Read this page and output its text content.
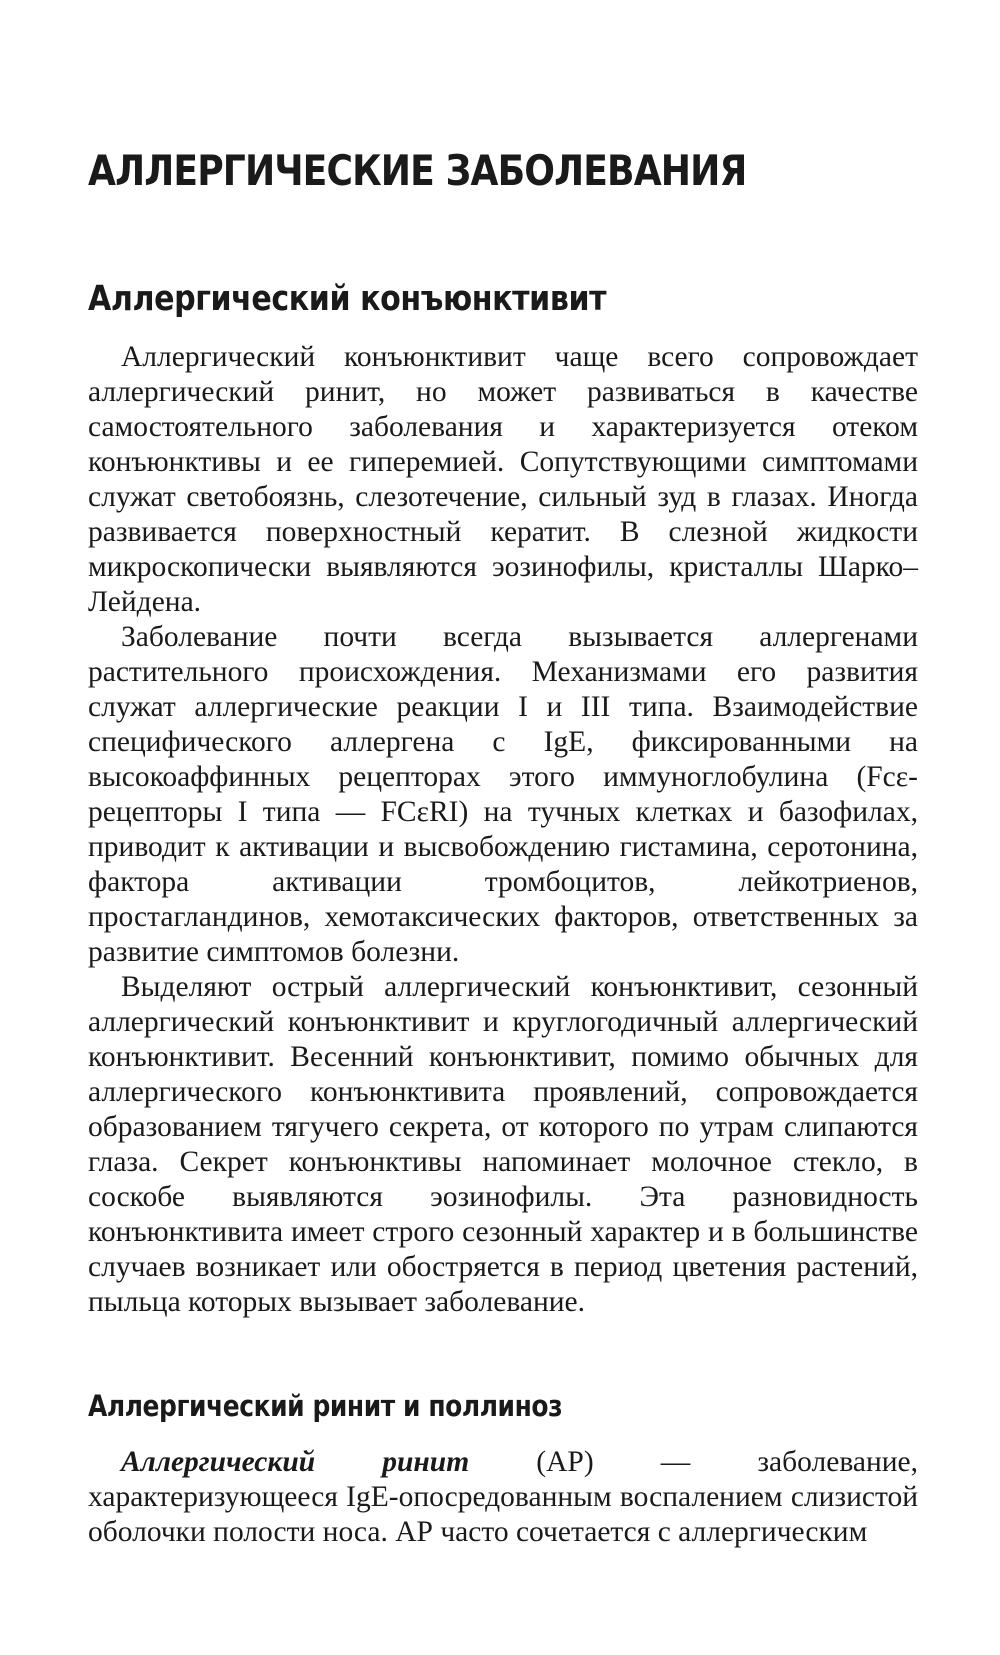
АЛЛЕРГИЧЕСКИЕ ЗАБОЛЕВАНИЯ
Аллергический конъюнктивит

Аллергический конъюнктивит чаще всего сопровождает аллергический ринит, но может развиваться в качестве самостоятельного заболевания и характеризуется отеком конъюнктивы и ее гиперемией. Сопутствующими симптомами служат светобоязнь, слезотечение, сильный зуд в глазах. Иногда развивается поверхностный кератит. В слезной жидкости микроскопически выявляются эозинофилы, кристаллы Шарко–Лейдена.

Заболевание почти всегда вызывается аллергенами растительного происхождения. Механизмами его развития служат аллергические реакции I и III типа. Взаимодействие специфического аллергена с IgE, фиксированными на высокоаффинных рецепторах этого иммуноглобулина (Fcε-рецепторы I типа — FCεRI) на тучных клетках и базофилах, приводит к активации и высвобождению гистамина, серотонина, фактора активации тромбоцитов, лейкотриенов, простагландинов, хемотаксических факторов, ответственных за развитие симптомов болезни.

Выделяют острый аллергический конъюнктивит, сезонный аллергический конъюнктивит и круглогодичный аллергический конъюнктивит. Весенний конъюнктивит, помимо обычных для аллергического конъюнктивита проявлений, сопровождается образованием тягучего секрета, от которого по утрам слипаются глаза. Секрет конъюнктивы напоминает молочное стекло, в соскобе выявляются эозинофилы. Эта разновидность конъюнктивита имеет строго сезонный характер и в большинстве случаев возникает или обостряется в период цветения растений, пыльца которых вызывает заболевание.

Аллергический ринит и поллиноз

Аллергический ринит (АР) — заболевание, характеризующееся IgE-опосредованным воспалением слизистой оболочки полости носа. АР часто сочетается с аллергическим
